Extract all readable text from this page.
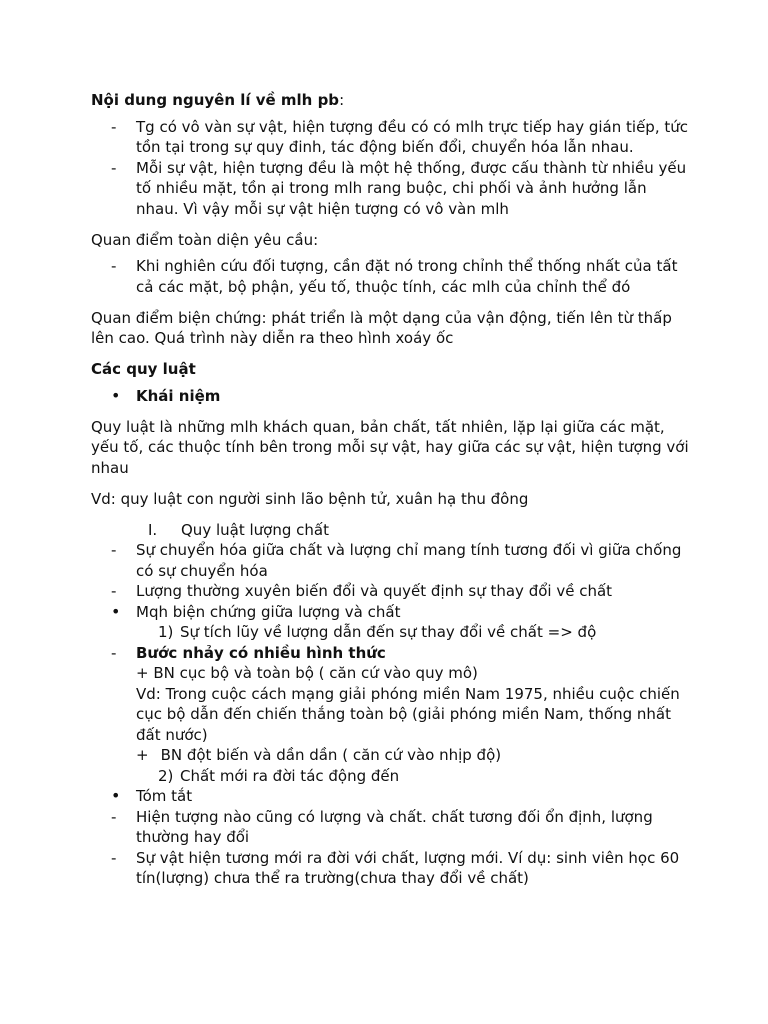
Nội dung nguyên lí về mlh pb:

- Tg có vô vàn sự vật, hiện tượng đều có có mlh trực tiếp hay gián tiếp, tức tồn tại trong sự quy đinh, tác động biến đổi, chuyển hóa lẫn nhau.
- Mỗi sự vật, hiện tượng đều là một hệ thống, được cấu thành từ nhiều yếu tố nhiều mặt, tồn ại trong mlh rang buộc, chi phối và ảnh hưởng lẫn nhau. Vì vậy mỗi sự vật hiện tượng có vô vàn mlh

Quan điểm toàn diện yêu cầu:

- Khi nghiên cứu đối tượng, cần đặt nó trong chỉnh thể thống nhất của tất cả các mặt, bộ phận, yếu tố, thuộc tính, các mlh của chỉnh thể đó

Quan điểm biện chứng: phát triển là một dạng của vận động, tiến lên từ thấp lên cao. Quá trình này diễn ra theo hình xoáy ốc

Các quy luật

• Khái niệm

Quy luật là những mlh khách quan, bản chất, tất nhiên, lặp lại giữa các mặt, yếu tố, các thuộc tính bên trong mỗi sự vật, hay giữa các sự vật, hiện tượng với nhau

Vd: quy luật con người sinh lão bệnh tử, xuân hạ thu đông

I. Quy luật lượng chất
- Sự chuyển hóa giữa chất và lượng chỉ mang tính tương đối vì giữa chống có sự chuyển hóa
- Lượng thường xuyên biến đổi và quyết định sự thay đổi về chất
• Mqh biện chứng giữa lượng và chất
1) Sự tích lũy về lượng dẫn đến sự thay đổi về chất => độ
- Bước nhảy có nhiều hình thức

+ BN cục bộ và toàn bộ ( căn cứ vào quy mô)

Vd: Trong cuộc cách mạng giải phóng miền Nam 1975, nhiều cuộc chiến cục bộ dẫn đến chiến thắng toàn bộ (giải phóng miền Nam, thống nhất đất nước)

+ BN đột biến và dần dần ( căn cứ vào nhịp độ)

2) Chất mới ra đời tác động đến
• Tóm tắt
- Hiện tượng nào cũng có lượng và chất. chất tương đối ổn định, lượng thường hay đổi
- Sự vật hiện tương mới ra đời với chất, lượng mới. Ví dụ: sinh viên học 60 tín(lượng) chưa thể ra trường(chưa thay đổi về chất)
